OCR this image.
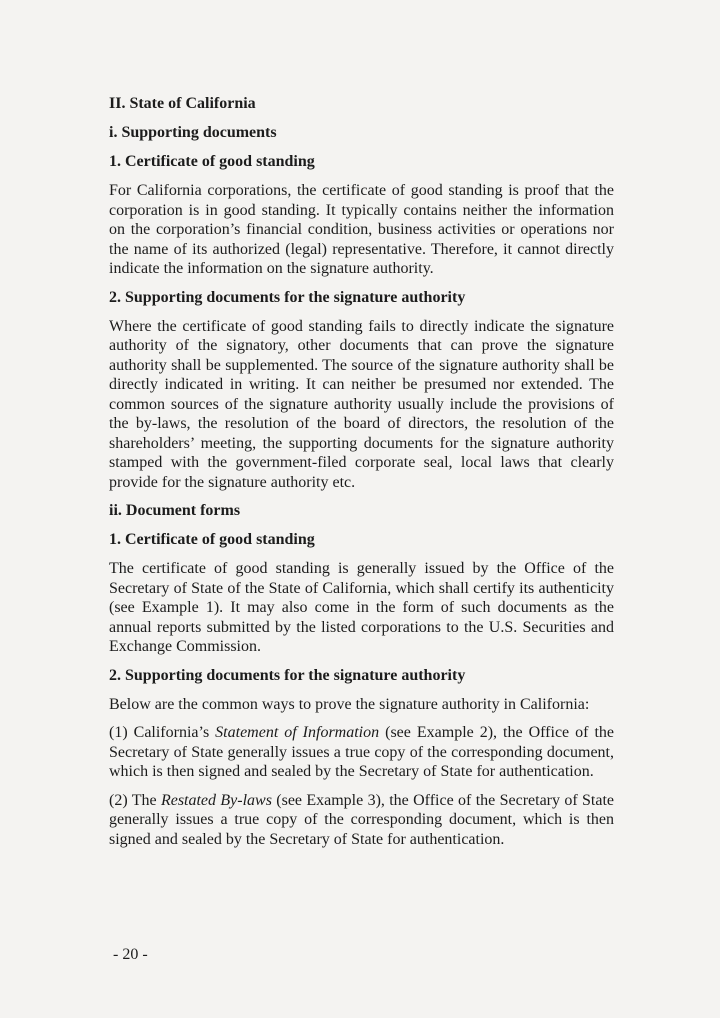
II. State of California
i. Supporting documents
1. Certificate of good standing

For California corporations, the certificate of good standing is proof that the corporation is in good standing. It typically contains neither the information on the corporation’s financial condition, business activities or operations nor the name of its authorized (legal) representative. Therefore, it cannot directly indicate the information on the signature authority.

2. Supporting documents for the signature authority

Where the certificate of good standing fails to directly indicate the signature authority of the signatory, other documents that can prove the signature authority shall be supplemented. The source of the signature authority shall be directly indicated in writing. It can neither be presumed nor extended. The common sources of the signature authority usually include the provisions of the by-laws, the resolution of the board of directors, the resolution of the shareholders’ meeting, the supporting documents for the signature authority stamped with the government-filed corporate seal, local laws that clearly provide for the signature authority etc.

ii. Document forms
1. Certificate of good standing

The certificate of good standing is generally issued by the Office of the Secretary of State of the State of California, which shall certify its authenticity (see Example 1). It may also come in the form of such documents as the annual reports submitted by the listed corporations to the U.S. Securities and Exchange Commission.

2. Supporting documents for the signature authority

Below are the common ways to prove the signature authority in California:

(1) California’s Statement of Information (see Example 2), the Office of the Secretary of State generally issues a true copy of the corresponding document, which is then signed and sealed by the Secretary of State for authentication.

(2) The Restated By-laws (see Example 3), the Office of the Secretary of State generally issues a true copy of the corresponding document, which is then signed and sealed by the Secretary of State for authentication.

- 20 -
